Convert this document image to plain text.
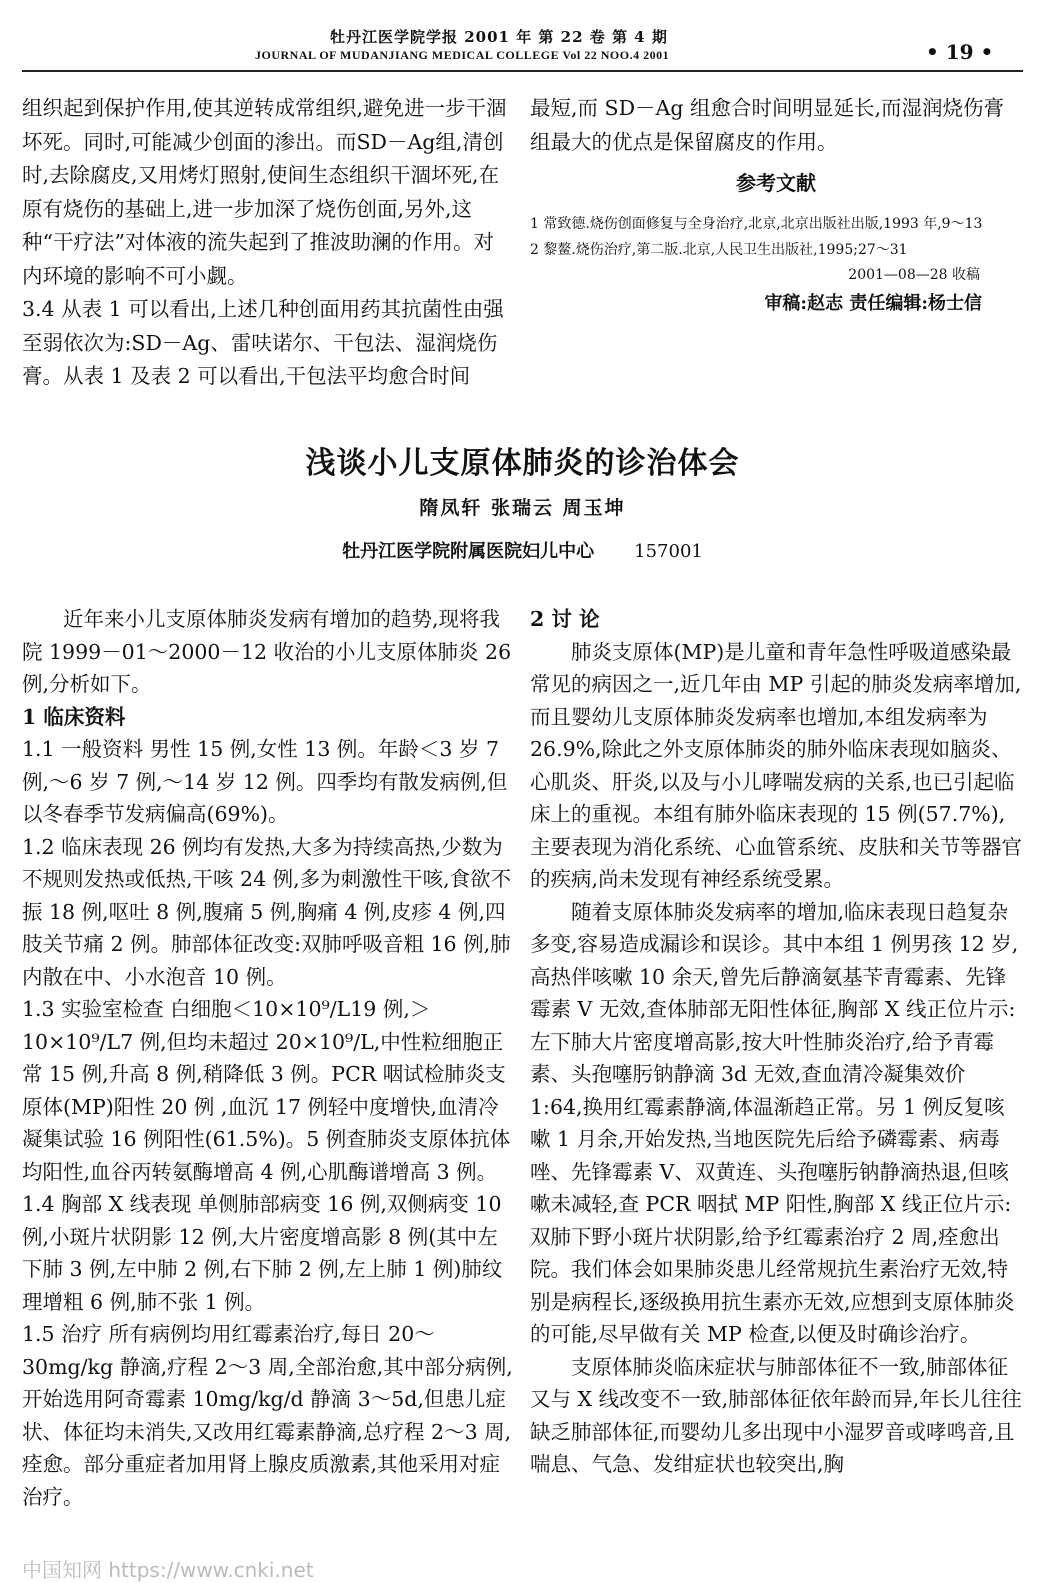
牡丹江医学院学报 2001 年 第 22 卷 第 4 期
JOURNAL OF MUDANJIANG MEDICAL COLLEGE Vol 22 NOO.4 2001	• 19 •

组织起到保护作用,使其逆转成常组织,避免进一步干涸坏死。同时,可能减少创面的渗出。而SD－Ag组,清创时,去除腐皮,又用烤灯照射,使间生态组织干涸坏死,在原有烧伤的基础上,进一步加深了烧伤创面,另外,这种“干疗法”对体液的流失起到了推波助澜的作用。对内环境的影响不可小觑。

3.4 从表 1 可以看出,上述几种创面用药其抗菌性由强至弱依次为:SD－Ag、雷呋诺尔、干包法、湿润烧伤膏。从表 1 及表 2 可以看出,干包法平均愈合时间

最短,而 SD－Ag 组愈合时间明显延长,而湿润烧伤膏组最大的优点是保留腐皮的作用。

参考文献
1 常致德.烧伤创面修复与全身治疗,北京,北京出版社出版,1993 年,9～13
2 黎鳌.烧伤治疗,第二版.北京,人民卫生出版社,1995;27～31
2001—08—28 收稿
审稿:赵志 责任编辑:杨士信
浅谈小儿支原体肺炎的诊治体会
隋凤轩 张瑞云 周玉坤
牡丹江医学院附属医院妇儿中心 157001

近年来小儿支原体肺炎发病有增加的趋势,现将我院 1999－01～2000－12 收治的小儿支原体肺炎 26 例,分析如下。

1 临床资料

1.1 一般资料 男性 15 例,女性 13 例。年龄＜3 岁 7 例,～6 岁 7 例,～14 岁 12 例。四季均有散发病例,但以冬春季节发病偏高(69%)。

1.2 临床表现 26 例均有发热,大多为持续高热,少数为不规则发热或低热,干咳 24 例,多为刺激性干咳,食欲不振 18 例,呕吐 8 例,腹痛 5 例,胸痛 4 例,皮疹 4 例,四肢关节痛 2 例。肺部体征改变:双肺呼吸音粗 16 例,肺内散在中、小水泡音 10 例。

1.3 实验室检查 白细胞＜10×10⁹/L19 例,＞10×10⁹/L7 例,但均未超过 20×10⁹/L,中性粒细胞正常 15 例,升高 8 例,稍降低 3 例。PCR 咽试检肺炎支原体(MP)阳性 20 例 ,血沉 17 例轻中度增快,血清冷凝集试验 16 例阳性(61.5%)。5 例查肺炎支原体抗体均阳性,血谷丙转氨酶增高 4 例,心肌酶谱增高 3 例。

1.4 胸部 X 线表现 单侧肺部病变 16 例,双侧病变 10 例,小斑片状阴影 12 例,大片密度增高影 8 例(其中左下肺 3 例,左中肺 2 例,右下肺 2 例,左上肺 1 例)肺纹理增粗 6 例,肺不张 1 例。

1.5 治疗 所有病例均用红霉素治疗,每日 20～30mg/kg 静滴,疗程 2～3 周,全部治愈,其中部分病例,开始选用阿奇霉素 10mg/kg/d 静滴 3～5d,但患儿症状、体征均未消失,又改用红霉素静滴,总疗程 2～3 周,痊愈。部分重症者加用肾上腺皮质激素,其他采用对症治疗。

2 讨 论

肺炎支原体(MP)是儿童和青年急性呼吸道感染最常见的病因之一,近几年由 MP 引起的肺炎发病率增加,而且婴幼儿支原体肺炎发病率也增加,本组发病率为 26.9%,除此之外支原体肺炎的肺外临床表现如脑炎、心肌炎、肝炎,以及与小儿哮喘发病的关系,也已引起临床上的重视。本组有肺外临床表现的 15 例(57.7%),主要表现为消化系统、心血管系统、皮肤和关节等器官的疾病,尚未发现有神经系统受累。

随着支原体肺炎发病率的增加,临床表现日趋复杂多变,容易造成漏诊和误诊。其中本组 1 例男孩 12 岁,高热伴咳嗽 10 余天,曾先后静滴氨基苄青霉素、先锋霉素 V 无效,查体肺部无阳性体征,胸部 X 线正位片示:左下肺大片密度增高影,按大叶性肺炎治疗,给予青霉素、头孢噻肟钠静滴 3d 无效,查血清冷凝集效价 1:64,换用红霉素静滴,体温渐趋正常。另 1 例反复咳嗽 1 月余,开始发热,当地医院先后给予磷霉素、病毒唑、先锋霉素 V、双黄连、头孢噻肟钠静滴热退,但咳嗽未减轻,查 PCR 咽拭 MP 阳性,胸部 X 线正位片示:双肺下野小斑片状阴影,给予红霉素治疗 2 周,痊愈出院。我们体会如果肺炎患儿经常规抗生素治疗无效,特别是病程长,逐级换用抗生素亦无效,应想到支原体肺炎的可能,尽早做有关 MP 检查,以便及时确诊治疗。

支原体肺炎临床症状与肺部体征不一致,肺部体征又与 X 线改变不一致,肺部体征依年龄而异,年长儿往往缺乏肺部体征,而婴幼儿多出现中小湿罗音或哮鸣音,且喘息、气急、发绀症状也较突出,胸

中国知网 https://www.cnki.net
